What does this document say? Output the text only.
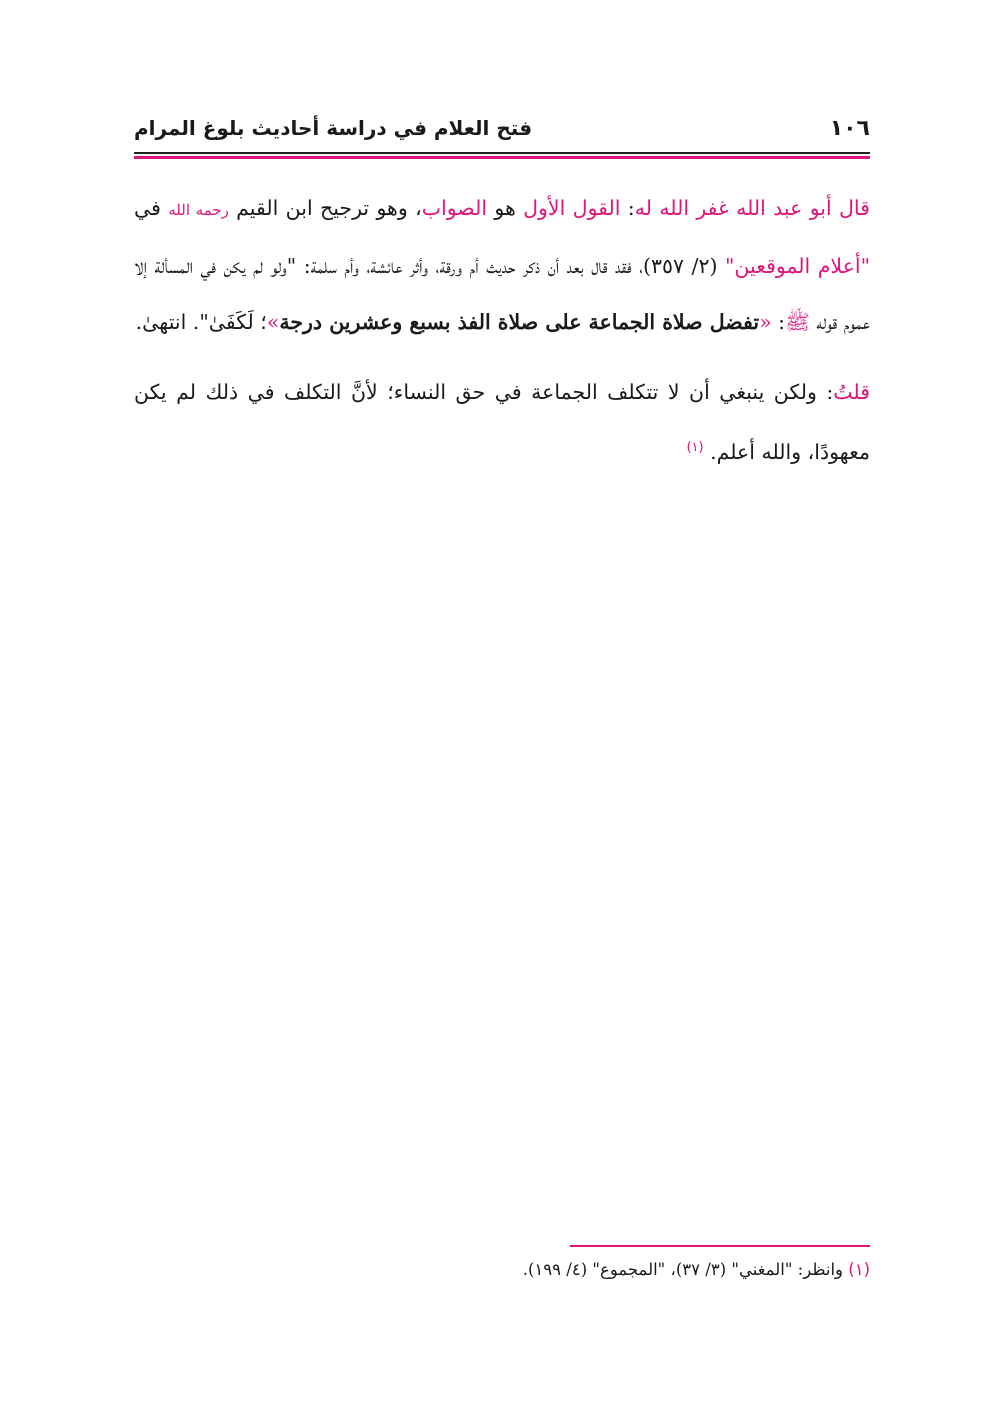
١٠٦
فتح العلام في دراسة أحاديث بلوغ المرام

قال أبو عبد الله غفر الله له: القول الأول هو الصواب، وهو ترجيح ابن القيم رحمه الله في "أعلام الموقعين" (٢/ ٣٥٧)، فقد قال بعد أن ذكر حديث أم ورقة، وأثر عائشة، وأم سلمة: "ولو لم يكن في المسألة إلا عموم قوله ﷺ: «تفضل صلاة الجماعة على صلاة الفذ بسبع وعشرين درجة»؛ لَكَفَىٰ". انتهىٰ.

قلتُ: ولكن ينبغي أن لا تتكلف الجماعة في حق النساء؛ لأنَّ التكلف في ذلك لم يكن معهودًا، والله أعلم. $^{(١)}$

(١) وانظر: "المغني" (٣/ ٣٧)، "المجموع" (٤/ ١٩٩).
